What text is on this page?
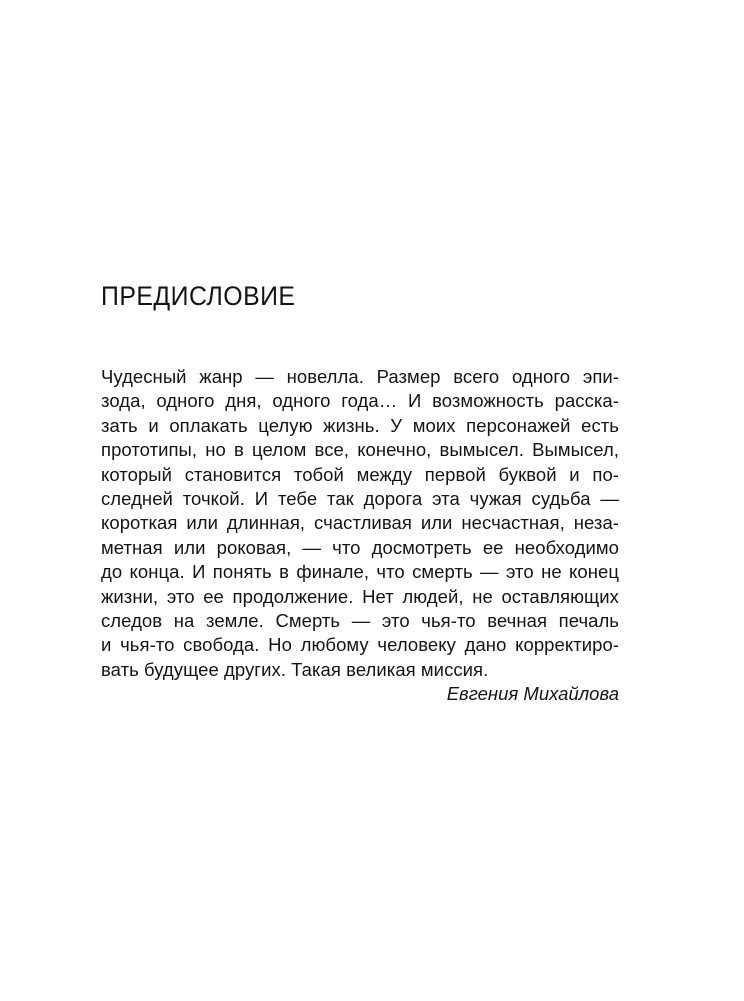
ПРЕДИСЛОВИЕ
Чудесный жанр — новелла. Размер всего одного эпи-
зода, одного дня, одного года… И возможность расска-
зать и оплакать целую жизнь. У моих персонажей есть
прототипы, но в целом все, конечно, вымысел. Вымысел,
который становится тобой между первой буквой и по-
следней точкой. И тебе так дорога эта чужая судьба —
короткая или длинная, счастливая или несчастная, неза-
метная или роковая, — что досмотреть ее необходимо
до конца. И понять в финале, что смерть — это не конец
жизни, это ее продолжение. Нет людей, не оставляющих
следов на земле. Смерть — это чья-то вечная печаль
и чья-то свобода. Но любому человеку дано корректиро-
вать будущее других. Такая великая миссия.
Евгения Михайлова
